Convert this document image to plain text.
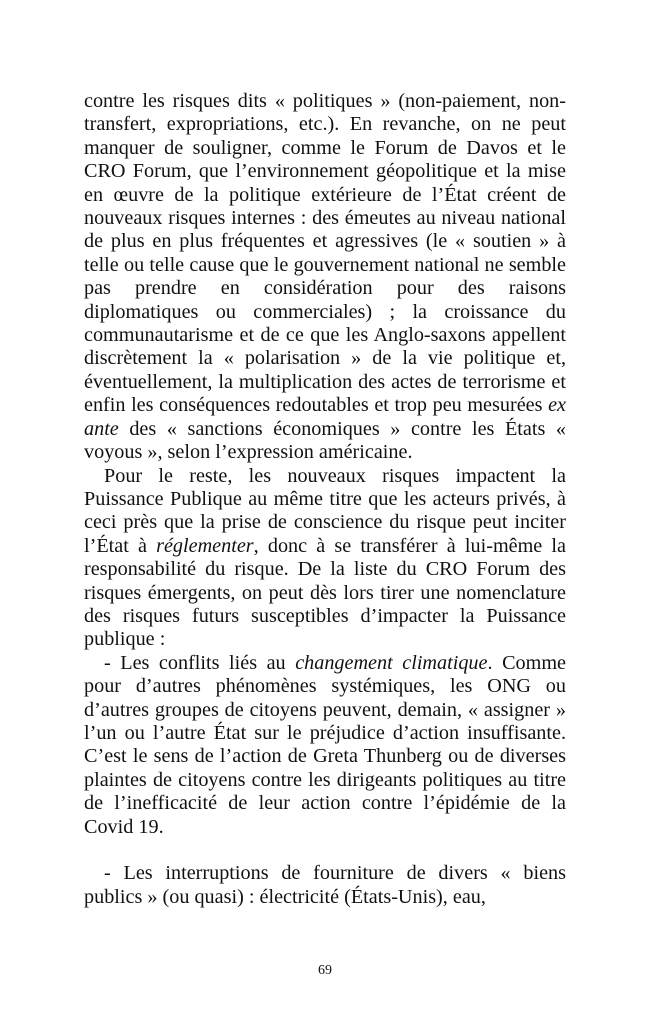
contre les risques dits « politiques » (non-paiement, non-transfert, expropriations, etc.). En revanche, on ne peut manquer de souligner, comme le Forum de Davos et le CRO Forum, que l’environnement géopolitique et la mise en œuvre de la politique extérieure de l’État créent de nouveaux risques internes : des émeutes au niveau national de plus en plus fréquentes et agressives (le « soutien » à telle ou telle cause que le gouvernement national ne semble pas prendre en considération pour des raisons diplomatiques ou commerciales) ; la croissance du communautarisme et de ce que les Anglo-saxons appellent discrètement la « polarisation » de la vie politique et, éventuellement, la multiplication des actes de terrorisme et enfin les conséquences redoutables et trop peu mesurées ex ante des « sanctions économiques » contre les États « voyous », selon l’expression américaine.

Pour le reste, les nouveaux risques impactent la Puissance Publique au même titre que les acteurs privés, à ceci près que la prise de conscience du risque peut inciter l’État à réglementer, donc à se transférer à lui-même la responsabilité du risque. De la liste du CRO Forum des risques émergents, on peut dès lors tirer une nomenclature des risques futurs susceptibles d’impacter la Puissance publique :

- Les conflits liés au changement climatique. Comme pour d’autres phénomènes systémiques, les ONG ou d’autres groupes de citoyens peuvent, demain, « assigner » l’un ou l’autre État sur le préjudice d’action insuffisante. C’est le sens de l’action de Greta Thunberg ou de diverses plaintes de citoyens contre les dirigeants politiques au titre de l’inefficacité de leur action contre l’épidémie de la Covid 19.

- Les interruptions de fourniture de divers « biens publics » (ou quasi) : électricité (États-Unis), eau,

69
